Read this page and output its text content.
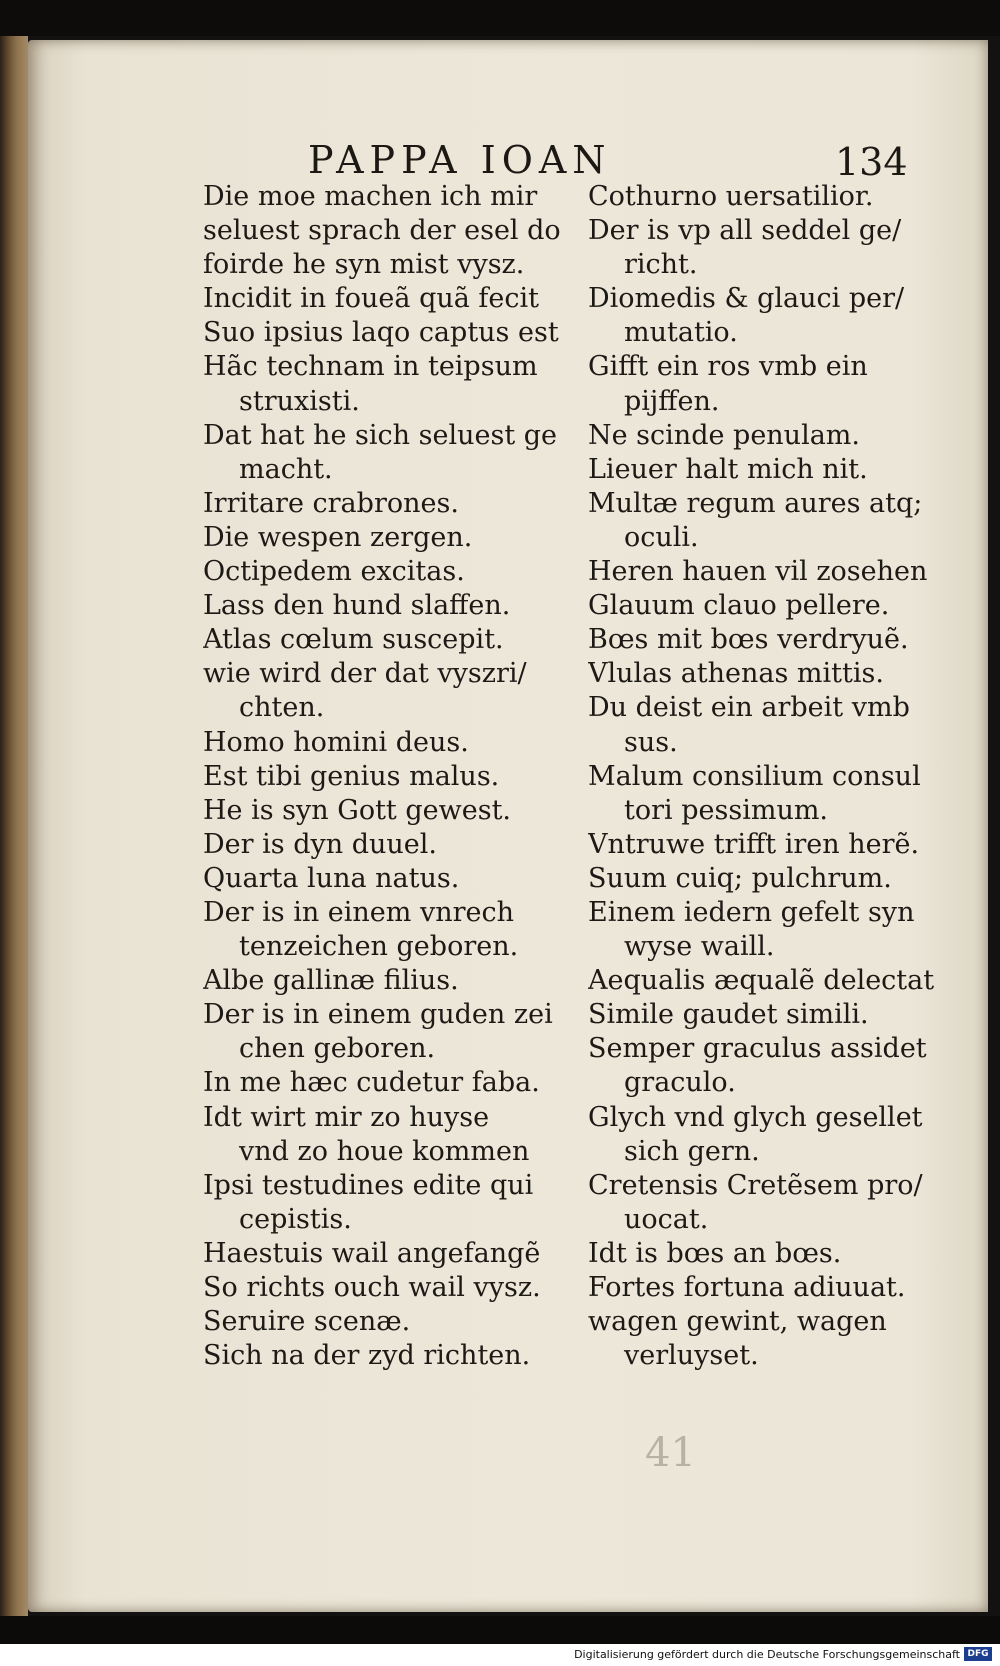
PAPPA IOAN	134
Die moe machen ich mir
seluest sprach der esel do
foirde he syn mist vysz.
Incidit in foueã quã fecit
Suo ipsius laqo captus est
Hãc technam in teipsum
struxisti.
Dat hat he sich seluest ge
macht.
Irritare crabrones.
Die wespen zergen.
Octipedem excitas.
Lass den hund slaffen.
Atlas cœlum suscepit.
wie wird der dat vyszri/
chten.
Homo homini deus.
Est tibi genius malus.
He is syn Gott gewest.
Der is dyn duuel.
Quarta luna natus.
Der is in einem vnrech
tenzeichen geboren.
Albe gallinæ filius.
Der is in einem guden zei
chen geboren.
In me hæc cudetur faba.
Idt wirt mir zo huyse
vnd zo houe kommen
Ipsi testudines edite qui
cepistis.
Haestuis wail angefangẽ
So richts ouch wail vysz.
Seruire scenæ.
Sich na der zyd richten.
Cothurno uersatilior.
Der is vp all seddel ge/
richt.
Diomedis & glauci per/
mutatio.
Gifft ein ros vmb ein
pijffen.
Ne scinde penulam.
Lieuer halt mich nit.
Multæ regum aures atq;
oculi.
Heren hauen vil zosehen
Glauum clauo pellere.
Bœs mit bœs verdryuẽ.
Vlulas athenas mittis.
Du deist ein arbeit vmb
sus.
Malum consilium consul
tori pessimum.
Vntruwe trifft iren herẽ.
Suum cuiq; pulchrum.
Einem iedern gefelt syn
wyse waill.
Aequalis æqualẽ delectat
Simile gaudet simili.
Semper graculus assidet
graculo.
Glych vnd glych gesellet
sich gern.
Cretensis Cretẽsem pro/
uocat.
Idt is bœs an bœs.
Fortes fortuna adiuuat.
wagen gewint, wagen
verluyset.
41
Digitalisierung gefördert durch die Deutsche Forschungsgemeinschaft DFG
